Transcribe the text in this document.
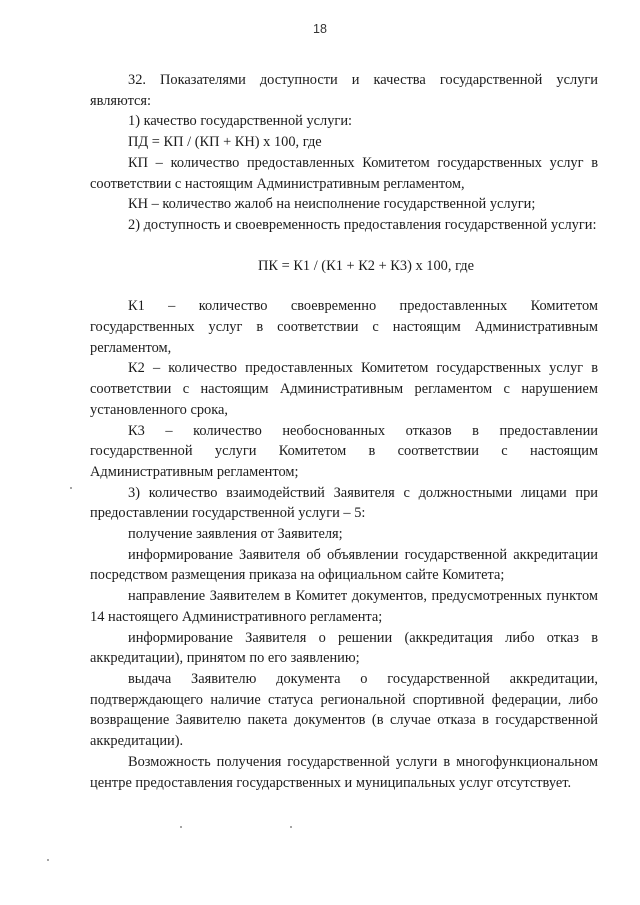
18

32. Показателями доступности и качества государственной услуги являются:

1) качество государственной услуги:

ПД = КП / (КП + КН) х 100, где

КП – количество предоставленных Комитетом государственных услуг в соответствии с настоящим Административным регламентом,

КН – количество жалоб на неисполнение государственной услуги;

2) доступность и своевременность предоставления государственной услуги:

ПК = К1 / (К1 + К2 + К3) х 100, где

К1 – количество своевременно предоставленных Комитетом государственных услуг в соответствии с настоящим Административным регламентом,

К2 – количество предоставленных Комитетом государственных услуг в соответствии с настоящим Административным регламентом с нарушением установленного срока,

К3 – количество необоснованных отказов в предоставлении государственной услуги Комитетом в соответствии с настоящим Административным регламентом;

3) количество взаимодействий Заявителя с должностными лицами при предоставлении государственной услуги – 5:

получение заявления от Заявителя;

информирование Заявителя об объявлении государственной аккредитации посредством размещения приказа на официальном сайте Комитета;

направление Заявителем в Комитет документов, предусмотренных пунктом 14 настоящего Административного регламента;

информирование Заявителя о решении (аккредитация либо отказ в аккредитации), принятом по его заявлению;

выдача Заявителю документа о государственной аккредитации, подтверждающего наличие статуса региональной спортивной федерации, либо возвращение Заявителю пакета документов (в случае отказа в государственной аккредитации).

Возможность получения государственной услуги в многофункциональном центре предоставления государственных и муниципальных услуг отсутствует.
